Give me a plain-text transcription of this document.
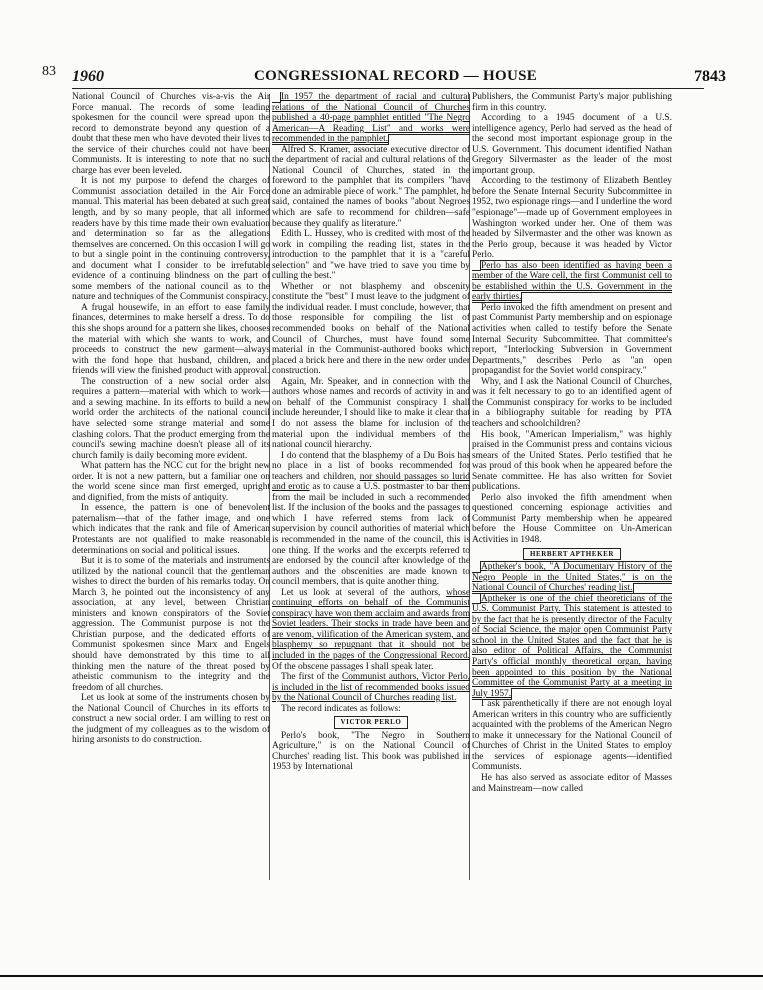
83 1960	CONGRESSIONAL RECORD — HOUSE	7843

National Council of Churches vis-a-vis the Air Force manual. The records of some leading spokesmen for the council were spread upon the record to demonstrate beyond any question of a doubt that these men who have devoted their lives to the service of their churches could not have been Communists. It is interesting to note that no such charge has ever been leveled.

It is not my purpose to defend the charges of Communist association detailed in the Air Force manual. This material has been debated at such great length, and by so many people, that all informed readers have by this time made their own evaluation and determination so far as the allegations themselves are concerned. On this occasion I will go to but a single point in the continuing controversy, and document what I consider to be irrefutable evidence of a continuing blindness on the part of some members of the national council as to the nature and techniques of the Communist conspiracy.

A frugal housewife, in an effort to ease family finances, determines to make herself a dress. To do this she shops around for a pattern she likes, chooses the material with which she wants to work, and proceeds to construct the new garment—always with the fond hope that husband, children, and friends will view the finished product with approval.

The construction of a new social order also requires a pattern—material with which to work—and a sewing machine. In its efforts to build a new world order the architects of the national council have selected some strange material and some clashing colors. That the product emerging from the council's sewing machine doesn't please all of its church family is daily becoming more evident.

What pattern has the NCC cut for the bright new order. It is not a new pattern, but a familiar one on the world scene since man first emerged, upright and dignified, from the mists of antiquity.

In essence, the pattern is one of benevolent paternalism—that of the father image, and one which indicates that the rank and file of American Protestants are not qualified to make reasonable determinations on social and political issues.

But it is to some of the materials and instruments utilized by the national council that the gentleman wishes to direct the burden of his remarks today. On March 3, he pointed out the inconsistency of any association, at any level, between Christian ministers and known conspirators of the Soviet aggression. The Communist purpose is not the Christian purpose, and the dedicated efforts of Communist spokesmen since Marx and Engels should have demonstrated by this time to all thinking men the nature of the threat posed by atheistic communism to the integrity and the freedom of all churches.

Let us look at some of the instruments chosen by the National Council of Churches in its efforts to construct a new social order. I am willing to rest on the judgment of my colleagues as to the wisdom of hiring arsonists to do construction.

In 1957 the department of racial and cultural relations of the National Council of Churches published a 40-page pamphlet entitled "The Negro American—A Reading List" and works were recommended in the pamphlet.

Alfred S. Kramer, associate executive director of the department of racial and cultural relations of the National Council of Churches, stated in the foreword to the pamphlet that its compilers "have done an admirable piece of work." The pamphlet, he said, contained the names of books "about Negroes which are safe to recommend for children—safe because they qualify as literature."

Edith L. Hussey, who is credited with most of the work in compiling the reading list, states in the introduction to the pamphlet that it is a "careful selection" and "we have tried to save you time by culling the best."

Whether or not blasphemy and obscenity constitute the "best" I must leave to the judgment of the individual reader. I must conclude, however, that those responsible for compiling the list of recommended books on behalf of the National Council of Churches, must have found some material in the Communist-authored books which placed a brick here and there in the new order under construction.

Again, Mr. Speaker, and in connection with the authors whose names and records of activity in and on behalf of the Communist conspiracy I shall include hereunder, I should like to make it clear that I do not assess the blame for inclusion of the material upon the individual members of the national council hierarchy.

I do contend that the blasphemy of a Du Bois has no place in a list of books recommended for teachers and children, nor should passages so lurid and erotic as to cause a U.S. postmaster to bar them from the mail be included in such a recommended list. If the inclusion of the books and the passages to which I have referred stems from lack of supervision by council authorities of material which is recommended in the name of the council, this is one thing. If the works and the excerpts referred to are endorsed by the council after knowledge of the authors and the obscenities are made known to council members, that is quite another thing.

Let us look at several of the authors, whose continuing efforts on behalf of the Communist conspiracy have won them acclaim and awards from Soviet leaders. Their stocks in trade have been and are venom, vilification of the American system, and blasphemy so repugnant that it should not be included in the pages of the Congressional Record. Of the obscene passages I shall speak later.

The first of the Communist authors, Victor Perlo, is included in the list of recommended books issued by the National Council of Churches reading list.

The record indicates as follows:

VICTOR PERLO

Perlo's book, "The Negro in Southern Agriculture," is on the National Council of Churches' reading list. This book was published in 1953 by International

Publishers, the Communist Party's major publishing firm in this country.

According to a 1945 document of a U.S. intelligence agency, Perlo had served as the head of the second most important espionage group in the U.S. Government. This document identified Nathan Gregory Silvermaster as the leader of the most important group.

According to the testimony of Elizabeth Bentley before the Senate Internal Security Subcommittee in 1952, two espionage rings—and I underline the word "espionage"—made up of Government employees in Washington worked under her. One of them was headed by Silvermaster and the other was known as the Perlo group, because it was headed by Victor Perlo.

Perlo has also been identified as having been a member of the Ware cell, the first Communist cell to be established within the U.S. Government in the early thirties.

Perlo invoked the fifth amendment on present and past Communist Party membership and on espionage activities when called to testify before the Senate Internal Security Subcommittee. That committee's report, "Interlocking Subversion in Government Departments," describes Perlo as "an open propagandist for the Soviet world conspiracy."

Why, and I ask the National Council of Churches, was it felt necessary to go to an identified agent of the Communist conspiracy for works to be included in a bibliography suitable for reading by PTA teachers and schoolchildren?

His book, "American Imperialism," was highly praised in the Communist press and contains vicious smears of the United States. Perlo testified that he was proud of this book when he appeared before the Senate committee. He has also written for Soviet publications.

Perlo also invoked the fifth amendment when questioned concerning espionage activities and Communist Party membership when he appeared before the House Committee on Un-American Activities in 1948.

HERBERT APTHEKER

Aptheker's book, "A Documentary History of the Negro People in the United States," is on the National Council of Churches' reading list.

Aptheker is one of the chief theoreticians of the U.S. Communist Party. This statement is attested to by the fact that he is presently director of the Faculty of Social Science, the major open Communist Party school in the United States and the fact that he is also editor of Political Affairs, the Communist Party's official monthly theoretical organ, having been appointed to this position by the National Committee of the Communist Party at a meeting in July 1957.

I ask parenthetically if there are not enough loyal American writers in this country who are sufficiently acquainted with the problems of the American Negro to make it unnecessary for the National Council of Churches of Christ in the United States to employ the services of espionage agents—identified Communists.

He has also served as associate editor of Masses and Mainstream—now called
